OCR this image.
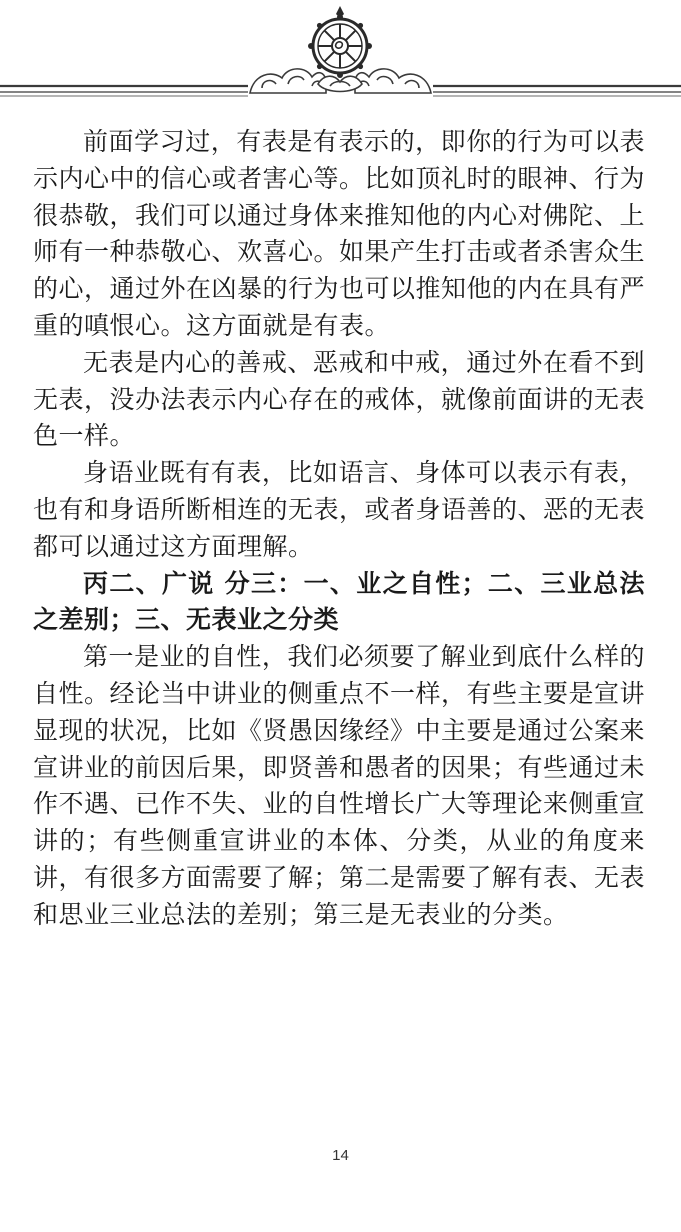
前面学习过，有表是有表示的，即你的行为可以表示内心中的信心或者害心等。比如顶礼时的眼神、行为很恭敬，我们可以通过身体来推知他的内心对佛陀、上师有一种恭敬心、欢喜心。如果产生打击或者杀害众生的心，通过外在凶暴的行为也可以推知他的内在具有严重的嗔恨心。这方面就是有表。

无表是内心的善戒、恶戒和中戒，通过外在看不到无表，没办法表示内心存在的戒体，就像前面讲的无表色一样。

身语业既有有表，比如语言、身体可以表示有表，也有和身语所断相连的无表，或者身语善的、恶的无表都可以通过这方面理解。

丙二、广说 分三：一、业之自性；二、三业总法之差别；三、无表业之分类

第一是业的自性，我们必须要了解业到底什么样的自性。经论当中讲业的侧重点不一样，有些主要是宣讲显现的状况，比如《贤愚因缘经》中主要是通过公案来宣讲业的前因后果，即贤善和愚者的因果；有些通过未作不遇、已作不失、业的自性增长广大等理论来侧重宣讲的；有些侧重宣讲业的本体、分类，从业的角度来讲，有很多方面需要了解；第二是需要了解有表、无表和思业三业总法的差别；第三是无表业的分类。

14
